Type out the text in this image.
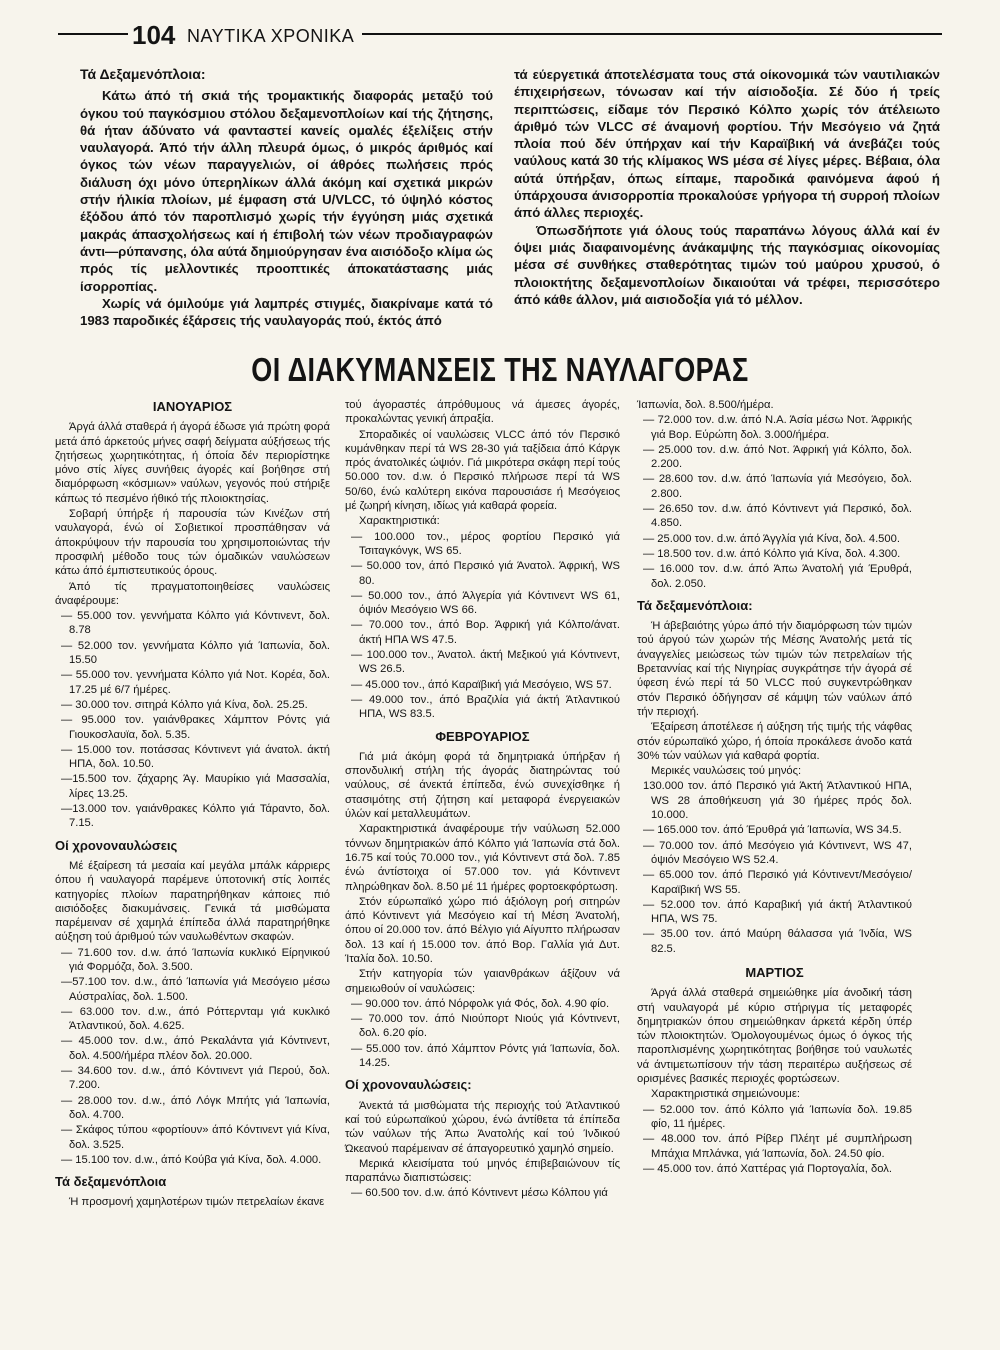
104 ΝΑΥΤΙΚΑ ΧΡΟΝΙΚΑ
Τά Δεξαμενόπλοια:

Κάτω άπό τή σκιά τής τρομακτικής διαφοράς μεταξύ τού όγκου τού παγκόσμιου στόλου δεξαμενοπλοίων καί τής ζήτησης, θά ήταν άδύνατο νά φανταστεί κανείς ομαλές έξελίξεις στήν ναυλαγορά. Άπό τήν άλλη πλευρά όμως, ό μικρός άριθμός καί όγκος τών νέων παραγγελιών, οί άθρόες πωλήσεις πρός διάλυση όχι μόνο ύπερηλίκων άλλά άκόμη καί σχετικά μικρών στήν ήλικία πλοίων, μέ έμφαση στά U/VLCC, τό ύψηλό κόστος έξόδου άπό τόν παροπλισμό χωρίς τήν έγγύηση μιάς σχετικά μακράς άπασχολήσεως καί ή έπιβολή τών νέων προδιαγραφών άντι—ρύπανσης, όλα αύτά δημιούργησαν ένα αισιόδοξο κλίμα ώς πρός τίς μελλοντικές προοπτικές άποκατάστασης μιάς ίσορροπίας.

Χωρίς νά όμιλούμε γιά λαμπρές στιγμές, διακρίναμε κατά τό 1983 παροδικές έξάρσεις τής ναυλαγοράς πού, έκτός άπό

τά εύεργετικά άποτελέσματα τους στά οίκονομικά τών ναυτιλιακών έπιχειρήσεων, τόνωσαν καί τήν αίσιοδοξία. Σέ δύο ή τρείς περιπτώσεις, είδαμε τόν Περσικό Κόλπο χωρίς τόν άτέλειωτο άριθμό τών VLCC σέ άναμονή φορτίου. Τήν Μεσόγειο νά ζητά πλοία πού δέν ύπήρχαν καί τήν Καραϊβική νά άνεβάζει τούς ναύλους κατά 30 τής κλίμακος WS μέσα σέ λίγες μέρες. Βέβαια, όλα αύτά ύπήρξαν, όπως είπαμε, παροδικά φαινόμενα άφού ή ύπάρχουσα άνισορροπία προκαλούσε γρήγορα τή συρροή πλοίων άπό άλλες περιοχές.

Όπωσδήποτε γιά όλους τούς παραπάνω λόγους άλλά καί έν όψει μιάς διαφαινομένης άνάκαμψης τής παγκόσμιας οίκονομίας μέσα σέ συνθήκες σταθερότητας τιμών τού μαύρου χρυσού, ό πλοιοκτήτης δεξαμενοπλοίων δικαιούται νά τρέφει, περισσότερο άπό κάθε άλλον, μιά αισιοδοξία γιά τό μέλλον.

ΟΙ ΔΙΑΚΥΜΑΝΣΕΙΣ ΤΗΣ ΝΑΥΛΑΓΟΡΑΣ
ΙΑΝΟΥΑΡΙΟΣ

Άργά άλλά σταθερά ή άγορά έδωσε γιά πρώτη φορά μετά άπό άρκετούς μήνες σαφή δείγματα αύξήσεως τής ζητήσεως χωρητικότητας, ή όποία δέν περιορίστηκε μόνο στίς λίγες συνήθεις άγορές καί βοήθησε στή διαμόρφωση «κόσμιων» ναύλων, γεγονός πού στήριξε κάπως τό πεσμένο ήθικό τής πλοιοκτησίας.

Σοβαρή ύπήρξε ή παρουσία τών Κινέζων στή ναυλαγορά, ένώ οί Σοβιετικοί προσπάθησαν νά άποκρύψουν τήν παρουσία του χρησιμοποιώντας τήν προσφιλή μέθοδο τους τών όμαδικών ναυλώσεων κάτω άπό έμπιστευτικούς όρους.

Άπό τίς πραγματοποιηθείσες ναυλώσεις άναφέρουμε:

— 55.000 τον. γεννήματα Κόλπο γιά Κόντινεντ, δολ. 8.78

— 52.000 τον. γεννήματα Κόλπο γιά Ίαπωνία, δολ. 15.50

— 55.000 τον. γεννήματα Κόλπο γιά Νοτ. Κορέα, δολ. 17.25 μέ 6/7 ήμέρες.

— 30.000 τον. σιτηρά Κόλπο γιά Κίνα, δολ. 25.25.

— 95.000 τον. γαιάνθρακες Χάμπτον Ρόντς γιά Γιουκοσλαυϊα, δολ. 5.35.

— 15.000 τον. ποτάσσας Κόντινεντ γιά άνατολ. άκτή ΗΠΑ, δολ. 10.50.

—15.500 τον. ζάχαρης Άγ. Μαυρίκιο γιά Μασσαλία, λίρες 13.25.

—13.000 τον. γαιάνθρακες Κόλπο γιά Τάραντο, δολ. 7.15.

Οί χρονοναυλώσεις

Μέ έξαίρεση τά μεσαία καί μεγάλα μπάλκ κάρριερς όπου ή ναυλαγορά παρέμενε ύποτονική στίς λοιπές κατηγορίες πλοίων παρατηρήθηκαν κάποιες πιό αισιόδοξες διακυμάνσεις. Γενικά τά μισθώματα παρέμειναν σέ χαμηλά έπίπεδα άλλά παρατηρήθηκε αύξηση τού άριθμού τών ναυλωθέντων σκαφών.

— 71.600 τον. d.w. άπό Ίαπωνία κυκλικό Είρηνικού γιά Φορμόζα, δολ. 3.500.

—57.100 τον. d.w., άπό Ίαπωνία γιά Μεσόγειο μέσω Αύστραλίας, δολ. 1.500.

— 63.000 τον. d.w., άπό Ρόττερνταμ γιά κυκλικό Άτλαντικού, δολ. 4.625.

— 45.000 τον. d.w., άπό Ρεκαλάντα γιά Κόντινεντ, δολ. 4.500/ήμέρα πλέον δολ. 20.000.

— 34.600 τον. d.w., άπό Κόντινεντ γιά Περού, δολ. 7.200.

— 28.000 τον. d.w., άπό Λόγκ Μπήτς γιά Ίαπωνία, δολ. 4.700.

— Σκάφος τύπου «φορτίουν» άπό Κόντινεντ γιά Κίνα, δολ. 3.525.

— 15.100 τον. d.w., άπό Κούβα γιά Κίνα, δολ. 4.000.

Τά δεξαμενόπλοια

Ή προσμονή χαμηλοτέρων τιμών πετρελαίων έκανε

τού άγοραστές άπρόθυμους νά άμεσες άγορές, προκαλώντας γενική άπραξία.

Σποραδικές οί ναυλώσεις VLCC άπό τόν Περσικό κυμάνθηκαν περί τά WS 28-30 γιά ταξίδεια άπό Κάργκ πρός άνατολικές ώψιόν. Γιά μικρότερα σκάφη περί τούς 50.000 τον. d.w. ό Περσικό πλήρωσε περί τά WS 50/60, ένώ καλύτερη εικόνα παρουσιάσε ή Μεσόγειος μέ ζωηρή κίνηση, ιδίως γιά καθαρά φορεία.

Χαρακτηριστικά:

— 100.000 τον., μέρος φορτίου Περσικό γιά Τσιταγκόνγκ, WS 65.

— 50.000 τον, άπό Περσικό γιά Άνατολ. Άφρική, WS 80.

— 50.000 τον., άπό Άλγερία γιά Κόντινεντ WS 61, όψιόν Μεσόγειο WS 66.

— 70.000 τον., άπό Βορ. Άφρική γιά Κόλπο/άνατ. άκτή ΗΠΑ WS 47.5.

— 100.000 τον., Άνατολ. άκτή Μεξικού γιά Κόντινεντ, WS 26.5.

— 45.000 τον., άπό Καραϊβική γιά Μεσόγειο, WS 57.

— 49.000 τον., άπό Βραζιλία γιά άκτή Άτλαντικού ΗΠΑ, WS 83.5.

ΦΕΒΡΟΥΑΡΙΟΣ

Γιά μιά άκόμη φορά τά δημητριακά ύπήρξαν ή σπονδυλική στήλη τής άγοράς διατηρώντας τού ναύλους, σέ άνεκτά έπίπεδα, ένώ συνεχίσθηκε ή στασιμότης στή ζήτηση καί μεταφορά ένεργειακών ύλών καί μεταλλευμάτων.

Χαρακτηριστικά άναφέρουμε τήν ναύλωση 52.000 τόννων δημητριακών άπό Κόλπο γιά Ίαπωνία στά δολ. 16.75 καί τούς 70.000 τον., γιά Κόντινεντ στά δολ. 7.85 ένώ άντίστοιχα οί 57.000 τον. γιά Κόντινεντ πληρώθηκαν δολ. 8.50 μέ 11 ήμέρες φορτοεκφόρτωση.

Στόν εύρωπαϊκό χώρο πιό άξιόλογη ροή σιτηρών άπό Κόντινεντ γιά Μεσόγειο καί τή Μέση Άνατολή, όπου οί 20.000 τον. άπό Βέλγιο γιά Αίγυπτο πλήρωσαν δολ. 13 καί ή 15.000 τον. άπό Βορ. Γαλλία γιά Δυτ. Ίταλία δολ. 10.50.

Στήν κατηγορία τών γαιανθράκων άξίζουν νά σημειωθούν οί ναυλώσεις:

— 90.000 τον. άπό Νόρφολκ γιά Φός, δολ. 4.90 φίο.

— 70.000 τον. άπό Νιούπορτ Νιούς γιά Κόντινεντ, δολ. 6.20 φίο.

— 55.000 τον. άπό Χάμπτον Ρόντς γιά Ίαπωνία, δολ. 14.25.

Οί χρονοναυλώσεις:

Άνεκτά τά μισθώματα τής περιοχής τού Άτλαντικού καί τού εύρωπαϊκού χώρου, ένώ άντίθετα τά έπίπεδα τών ναύλων τής Άπω Άνατολής καί τού Ίνδικού Ώκεανού παρέμειναν σέ άπαγορευτικό χαμηλό σημείο.

Μερικά κλεισίματα τού μηνός έπιβεβαιώνουν τίς παραπάνω διαπιστώσεις:

— 60.500 τον. d.w. άπό Κόντινεντ μέσω Κόλπου γιά

Ίαπωνία, δολ. 8.500/ήμέρα.

— 72.000 τον. d.w. άπό Ν.Α. Άσία μέσω Νοτ. Άφρικής γιά Βορ. Εύρώπη δολ. 3.000/ήμέρα.

— 25.000 τον. d.w. άπό Νοτ. Άφρική γιά Κόλπο, δολ. 2.200.

— 28.600 τον. d.w. άπό Ίαπωνία γιά Μεσόγειο, δολ. 2.800.

— 26.650 τον. d.w. άπό Κόντινεντ γιά Περσικό, δολ. 4.850.

— 25.000 τον. d.w. άπό Άγγλία γιά Κίνα, δολ. 4.500.

— 18.500 τον. d.w. άπό Κόλπο γιά Κίνα, δολ. 4.300.

— 16.000 τον. d.w. άπό Άπω Άνατολή γιά Έρυθρά, δολ. 2.050.

Τά δεξαμενόπλοια:

Ή άβεβαιότης γύρω άπό τήν διαμόρφωση τών τιμών τού άργού τών χωρών τής Μέσης Άνατολής μετά τίς άναγγελίες μειώσεως τών τιμών τών πετρελαίων τής Βρεταννίας καί τής Νιγηρίας συγκράτησε τήν άγορά σέ ύφεση ένώ περί τά 50 VLCC πού συγκεντρώθηκαν στόν Περσικό όδήγησαν σέ κάμψη τών ναύλων άπό τήν περιοχή.

Έξαίρεση άποτέλεσε ή αύξηση τής τιμής τής νάφθας στόν εύρωπαϊκό χώρο, ή όποία προκάλεσε άνοδο κατά 30% τών ναύλων γιά καθαρά φορτία.

Μερικές ναυλώσεις τού μηνός:

130.000 τον. άπό Περσικό γιά Άκτή Άτλαντικού ΗΠΑ, WS 28 άποθήκευση γιά 30 ήμέρες πρός δολ. 10.000.

— 165.000 τον. άπό Έρυθρά γιά Ίαπωνία, WS 34.5.

— 70.000 τον. άπό Μεσόγειο γιά Κόντινεντ, WS 47, όψιόν Μεσόγειο WS 52.4.

— 65.000 τον. άπό Περσικό γιά Κόντινεντ/Μεσόγειο/Καραϊβική WS 55.

— 52.000 τον. άπό Καραβική γιά άκτή Άτλαντικού ΗΠΑ, WS 75.

— 35.00 τον. άπό Μαύρη θάλασσα γιά Ίνδία, WS 82.5.

ΜΑΡΤΙΟΣ

Άργά άλλά σταθερά σημειώθηκε μία άνοδική τάση στή ναυλαγορά μέ κύριο στήριγμα τίς μεταφορές δημητριακών όπου σημειώθηκαν άρκετά κέρδη ύπέρ τών πλοιοκτητών. Όμολογουμένως όμως ό όγκος τής παροπλισμένης χωρητικότητας βοήθησε τού ναυλωτές νά άντιμετωπίσουν τήν τάση περαιτέρω αυξήσεως σέ ορισμένες βασικές περιοχές φορτώσεων.

Χαρακτηριστικά σημειώνουμε:

— 52.000 τον. άπό Κόλπο γιά Ίαπωνία δολ. 19.85 φίο, 11 ήμέρες.

— 48.000 τον. άπό Ρίβερ Πλέητ μέ συμπλήρωση Μπάχια Μπλάνκα, γιά Ίαπωνία, δολ. 24.50 φίο.

— 45.000 τον. άπό Χαττέρας γιά Πορτογαλία, δολ.
